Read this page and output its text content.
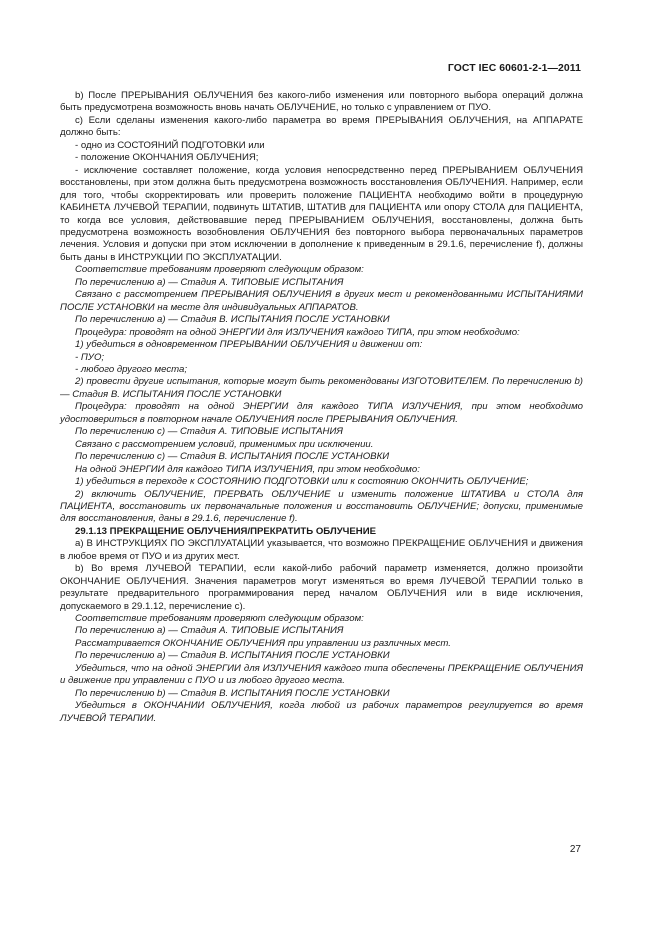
ГОСТ IEC 60601-2-1—2011

b) После ПРЕРЫВАНИЯ ОБЛУЧЕНИЯ без какого-либо изменения или повторного выбора операций должна быть предусмотрена возможность вновь начать ОБЛУЧЕНИЕ, но только с управлением от ПУО.

c) Если сделаны изменения какого-либо параметра во время ПРЕРЫВАНИЯ ОБЛУЧЕНИЯ, на АППАРАТЕ должно быть:

- одно из СОСТОЯНИЙ ПОДГОТОВКИ или

- положение ОКОНЧАНИЯ ОБЛУЧЕНИЯ;

- исключение составляет положение, когда условия непосредственно перед ПРЕРЫВАНИЕМ ОБЛУЧЕНИЯ восстановлены, при этом должна быть предусмотрена возможность восстановления ОБЛУЧЕНИЯ. Например, если для того, чтобы скорректировать или проверить положение ПАЦИЕНТА необходимо войти в процедурную КАБИНЕТА ЛУЧЕВОЙ ТЕРАПИИ, подвинуть ШТАТИВ, ШТАТИВ для ПАЦИЕНТА или опору СТОЛА для ПАЦИЕНТА, то когда все условия, действовавшие перед ПРЕРЫВАНИЕМ ОБЛУЧЕНИЯ, восстановлены, должна быть предусмотрена возможность возобновления ОБЛУЧЕНИЯ без повторного выбора первоначальных параметров лечения. Условия и допуски при этом исключении в дополнение к приведенным в 29.1.6, перечисление f), должны быть даны в ИНСТРУКЦИИ ПО ЭКСПЛУАТАЦИИ.

Соответствие требованиям проверяют следующим образом:

По перечислению а) — Стадия А. ТИПОВЫЕ ИСПЫТАНИЯ

Связано с рассмотрением ПРЕРЫВАНИЯ ОБЛУЧЕНИЯ в других мест и рекомендованными ИСПЫТАНИЯМИ ПОСЛЕ УСТАНОВКИ на месте для индивидуальных АППАРАТОВ.

По перечислению а) — Стадия В. ИСПЫТАНИЯ ПОСЛЕ УСТАНОВКИ

Процедура: проводят на одной ЭНЕРГИИ для ИЗЛУЧЕНИЯ каждого ТИПА, при этом необходимо:

1) убедиться в одновременном ПРЕРЫВАНИИ ОБЛУЧЕНИЯ и движении от:

- ПУО;

- любого другого места;

2) провести другие испытания, которые могут быть рекомендованы ИЗГОТОВИТЕЛЕМ. По перечислению b) — Стадия В. ИСПЫТАНИЯ ПОСЛЕ УСТАНОВКИ

Процедура: проводят на одной ЭНЕРГИИ для каждого ТИПА ИЗЛУЧЕНИЯ, при этом необходимо удостовериться в повторном начале ОБЛУЧЕНИЯ после ПРЕРЫВАНИЯ ОБЛУЧЕНИЯ.

По перечислению с) — Стадия А. ТИПОВЫЕ ИСПЫТАНИЯ

Связано с рассмотрением условий, применимых при исключении.

По перечислению с) — Стадия В. ИСПЫТАНИЯ ПОСЛЕ УСТАНОВКИ

На одной ЭНЕРГИИ для каждого ТИПА ИЗЛУЧЕНИЯ, при этом необходимо:

1) убедиться в переходе к СОСТОЯНИЮ ПОДГОТОВКИ или к состоянию ОКОНЧИТЬ ОБЛУЧЕНИЕ;

2) включить ОБЛУЧЕНИЕ, ПРЕРВАТЬ ОБЛУЧЕНИЕ и изменить положение ШТАТИВА и СТОЛА для ПАЦИЕНТА, восстановить их первоначальные положения и восстановить ОБЛУЧЕНИЕ; допуски, применимые для восстановления, даны в 29.1.6, перечисление f).

29.1.13 ПРЕКРАЩЕНИЕ ОБЛУЧЕНИЯ/ПРЕКРАТИТЬ ОБЛУЧЕНИЕ

а) В ИНСТРУКЦИЯХ ПО ЭКСПЛУАТАЦИИ указывается, что возможно ПРЕКРАЩЕНИЕ ОБЛУЧЕНИЯ и движения в любое время от ПУО и из других мест.

b) Во время ЛУЧЕВОЙ ТЕРАПИИ, если какой-либо рабочий параметр изменяется, должно произойти ОКОНЧАНИЕ ОБЛУЧЕНИЯ. Значения параметров могут изменяться во время ЛУЧЕВОЙ ТЕРАПИИ только в результате предварительного программирования перед началом ОБЛУЧЕНИЯ или в виде исключения, допускаемого в 29.1.12, перечисление с).

Соответствие требованиям проверяют следующим образом:

По перечислению а) — Стадия А. ТИПОВЫЕ ИСПЫТАНИЯ

Рассматривается ОКОНЧАНИЕ ОБЛУЧЕНИЯ при управлении из различных мест.

По перечислению а) — Стадия В. ИСПЫТАНИЯ ПОСЛЕ УСТАНОВКИ

Убедиться, что на одной ЭНЕРГИИ для ИЗЛУЧЕНИЯ каждого типа обеспечены ПРЕКРАЩЕНИЕ ОБЛУЧЕНИЯ и движение при управлении с ПУО и из любого другого места.

По перечислению b) — Стадия В. ИСПЫТАНИЯ ПОСЛЕ УСТАНОВКИ

Убедиться в ОКОНЧАНИИ ОБЛУЧЕНИЯ, когда любой из рабочих параметров регулируется во время ЛУЧЕВОЙ ТЕРАПИИ.

27
